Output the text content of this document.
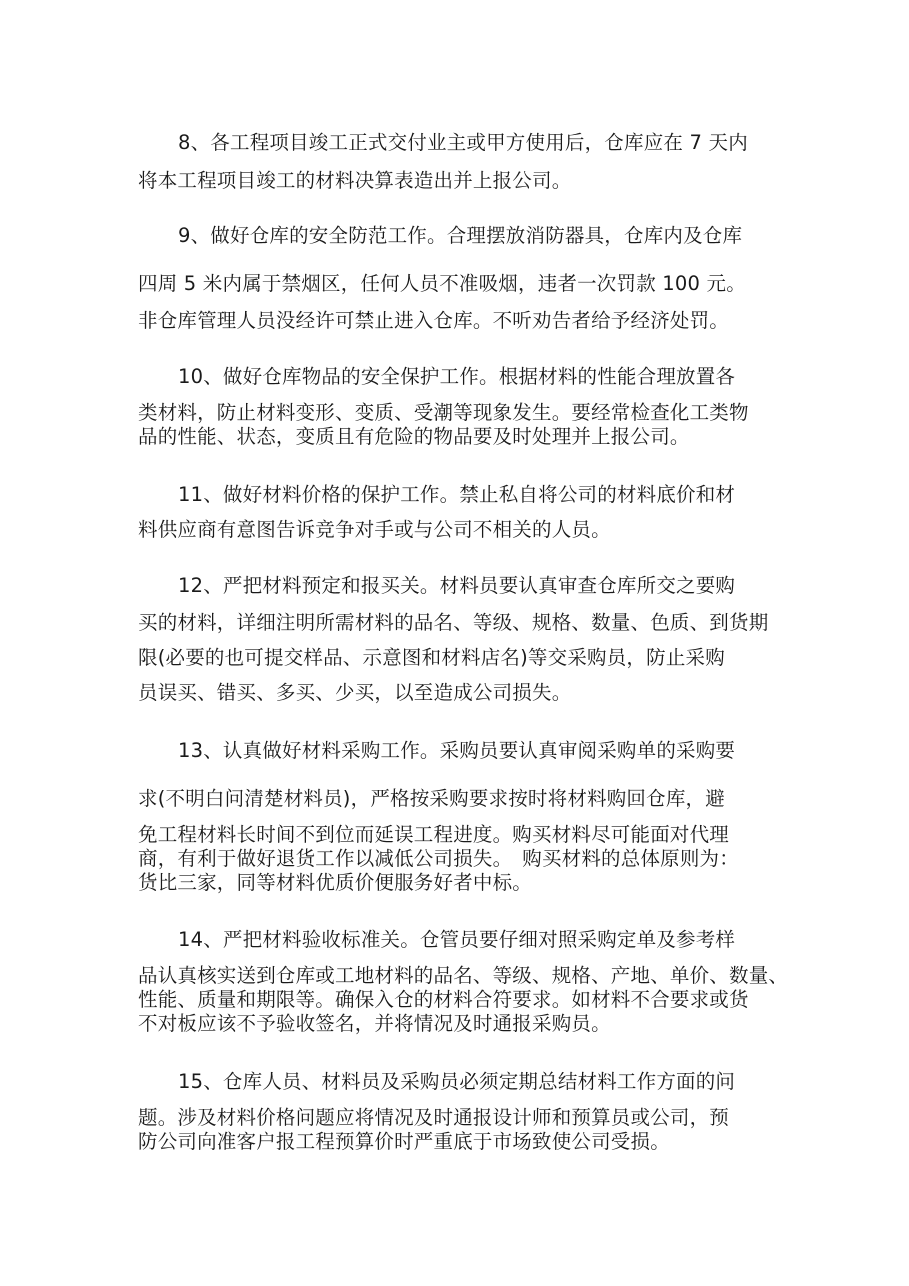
8、各工程项目竣工正式交付业主或甲方使用后，仓库应在 7 天内
将本工程项目竣工的材料决算表造出并上报公司。
9、做好仓库的安全防范工作。合理摆放消防器具，仓库内及仓库
四周 5 米内属于禁烟区，任何人员不准吸烟，违者一次罚款 100 元。
非仓库管理人员没经许可禁止进入仓库。不听劝告者给予经济处罚。
10、做好仓库物品的安全保护工作。根据材料的性能合理放置各
类材料，防止材料变形、变质、受潮等现象发生。要经常检查化工类物
品的性能、状态，变质且有危险的物品要及时处理并上报公司。
11、做好材料价格的保护工作。禁止私自将公司的材料底价和材
料供应商有意图告诉竞争对手或与公司不相关的人员。
12、严把材料预定和报买关。材料员要认真审查仓库所交之要购
买的材料，详细注明所需材料的品名、等级、规格、数量、色质、到货期
限(必要的也可提交样品、示意图和材料店名)等交采购员，防止采购
员误买、错买、多买、少买，以至造成公司损失。
13、认真做好材料采购工作。采购员要认真审阅采购单的采购要
求(不明白问清楚材料员)，严格按采购要求按时将材料购回仓库，避
免工程材料长时间不到位而延误工程进度。购买材料尽可能面对代理
商，有利于做好退货工作以减低公司损失。　购买材料的总体原则为：
货比三家，同等材料优质价便服务好者中标。
14、严把材料验收标准关。仓管员要仔细对照采购定单及参考样
品认真核实送到仓库或工地材料的品名、等级、规格、产地、单价、数量、
性能、质量和期限等。确保入仓的材料合符要求。如材料不合要求或货
不对板应该不予验收签名，并将情况及时通报采购员。
15、仓库人员、材料员及采购员必须定期总结材料工作方面的问
题。涉及材料价格问题应将情况及时通报设计师和预算员或公司，预
防公司向准客户报工程预算价时严重底于市场致使公司受损。
